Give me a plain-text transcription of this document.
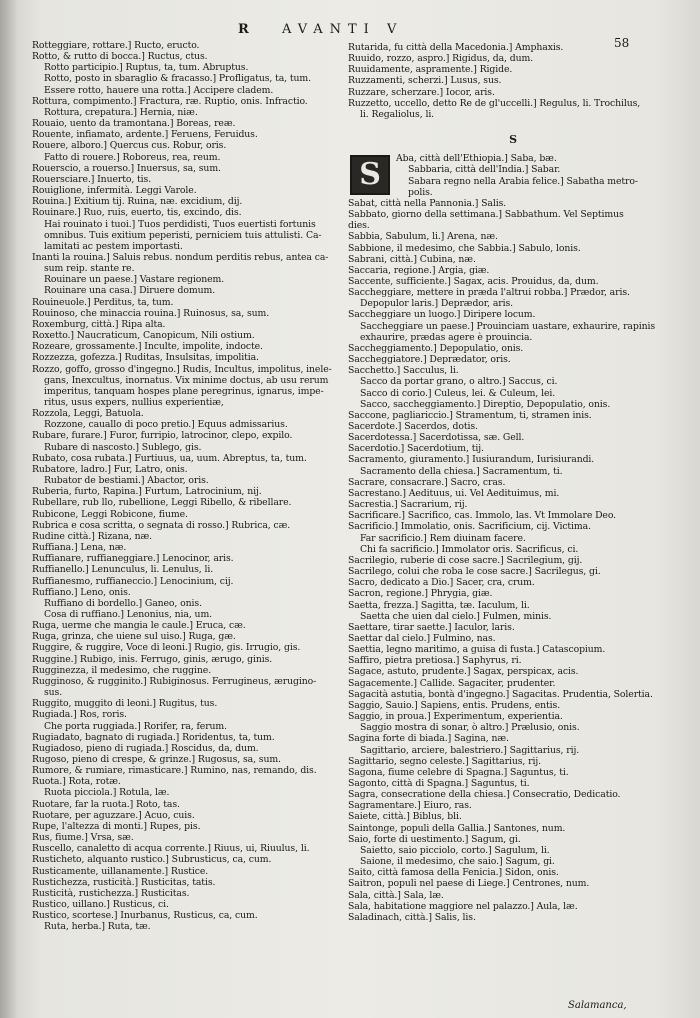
R	AVANTI V
58
Rotteggiare, rottare.] Ructo, eructo.
Rotto, & rutto di bocca.] Ructus, ctus.
Rotto participio.] Ruptus, ta, tum. Abruptus.
Rotto, posto in sbaraglio & fracasso.] Profligatus, ta, tum.
Essere rotto, hauere una rotta.] Accipere cladem.
Rottura, compimento.] Fractura, ræ. Ruptio, onis. Infractio.
Rottura, crepatura.] Hernia, niæ.
Rouaio, uento da tramontana.] Boreas, reæ.
Rouente, infiamato, ardente.] Feruens, Feruidus.
Rouere, alboro.] Quercus cus. Robur, oris.
Fatto di rouere.] Roboreus, rea, reum.
Rouerscio, a rouerso.] Inuersus, sa, sum.
Rouersciare.] Inuerto, tis.
Rouiglione, infermità. Leggi Varole.
Rouina.] Exitium tij. Ruina, næ. excidium, dij.
Rouinare.] Ruo, ruis, euerto, tis, excindo, dis.
Hai rouinato i tuoi.] Tuos perdidisti, Tuos euertisti fortunis
omnibus. Tuis exitium peperisti, perniciem tuis attulisti. Ca-
lamitati ac pestem importasti.
Inanti la rouina.] Saluis rebus. nondum perditis rebus, antea ca-
sum reip. stante re.
Rouinare un paese.] Vastare regionem.
Rouinare una casa.] Diruere domum.
Rouineuole.] Perditus, ta, tum.
Rouinoso, che minaccia rouina.] Ruinosus, sa, sum.
Roxemburg, città.] Ripa alta.
Roxetto.] Naucraticum, Canopicum, Nili ostium.
Rozeare, grossamente.] Inculte, impolite, indocte.
Rozzezza, gofezza.] Ruditas, Insulsitas, impolitia.
Rozzo, goffo, grosso d'ingegno.] Rudis, Incultus, impolitus, inele-
gans, Inexcultus, inornatus. Vix minime doctus, ab usu rerum
imperitus, tanquam hospes plane peregrinus, ignarus, impe-
ritus, usus expers, nullius experientiæ,
Rozzola, Leggi, Batuola.
Rozzone, cauallo di poco pretio.] Equus admissarius.
Rubare, furare.] Furor, furripio, latrocinor, clepo, expilo.
Rubare di nascosto.] Sublego, gis.
Rubato, cosa rubata.] Furtiuus, ua, uum. Abreptus, ta, tum.
Rubatore, ladro.] Fur, Latro, onis.
Rubator de bestiami.] Abactor, oris.
Ruberia, furto, Rapina.] Furtum, Latrocinium, nij.
Rubellare, rub llo, rubellione, Leggi Ribello, & ribellare.
Rubicone, Leggi Robicone, fiume.
Rubrica e cosa scritta, o segnata di rosso.] Rubrica, cæ.
Rudine città.] Rizana, næ.
Ruffiana.] Lena, næ.
Ruffianare, ruffianeggiare.] Lenocinor, aris.
Ruffianello.] Lenunculus, li. Lenulus, li.
Ruffianesmo, ruffianeccio.] Lenocinium, cij.
Ruffiano.] Leno, onis.
Ruffiano di bordello.] Ganeo, onis.
Cosa di ruffiano.] Lenonius, nia, um.
Ruga, uerme che mangia le caule.] Eruca, cæ.
Ruga, grinza, che uiene sul uiso.] Ruga, gæ.
Ruggire, & ruggire, Voce di leoni.] Rugio, gis. Irrugio, gis.
Ruggine.] Rubigo, inis. Ferrugo, ginis, ærugo, ginis.
Rugginezza, il medesimo, che ruggine.
Rugginoso, & rugginito.] Rubiginosus. Ferrugineus, ærugino-
sus.
Ruggito, muggito di leoni.] Rugitus, tus.
Rugiada.] Ros, roris.
Che porta ruggiada.] Rorifer, ra, ferum.
Rugiadato, bagnato di rugiada.] Roridentus, ta, tum.
Rugiadoso, pieno di rugiada.] Roscidus, da, dum.
Rugoso, pieno di crespe, & grinze.] Rugosus, sa, sum.
Rumore, & rumiarе, rimasticare.] Rumino, nas, remando, dis.
Ruota.] Rota, rotæ.
Ruota picciola.] Rotula, læ.
Ruotare, far la ruota.] Roto, tas.
Ruotare, per aguzzare.] Acuo, cuis.
Rupe, l'altezza di monti.] Rupes, pis.
Rus, fiume.] Vrsa, sæ.
Ruscello, canaletto di acqua corrente.] Riuus, ui, Riuulus, li.
Rusticheto, alquanto rustico.] Subrusticus, ca, cum.
Rusticamente, uillanamente.] Rustice.
Rustichezza, rusticità.] Rusticitas, tatis.
Rusticità, rustichezza.] Rusticitas.
Rustico, uillano.] Rusticus, ci.
Rustico, scortese.] Inurbanus, Rusticus, ca, cum.
Ruta, herba.] Ruta, tæ.
Rutarida, fu città della Macedonia.] Amphaxis.
Ruuido, rozzo, aspro.] Rigidus, da, dum.
Ruuidamente, aspramente.] Rigide.
Ruzzamenti, scherzi.] Lusus, sus.
Ruzzare, scherzare.] Iocor, aris.
Ruzzetto, uccello, detto Re de gl'uccelli.] Regulus, li. Trochilus,
li. Regaliolus, li.
S
S	Aba, città dell'Ethiopia.] Saba, bæ.
Sabbaria, città dell'India.] Sabar.
Sabara regno nella Arabia felice.] Sabatha metro-
polis.
Sabat, città nella Pannonia.] Salis.
Sabbato, giorno della settimana.] Sabbathum. Vel Septimus
dies.
Sabbia, Sabulum, li.] Arena, næ.
Sabbione, il medesimo, che Sabbia.] Sabulo, lonis.
Sabrani, città.] Cubina, næ.
Saccaria, regione.] Argia, giæ.
Saccente, sufficiente.] Sagax, acis. Prouidus, da, dum.
Saccheggiare, mettere in præda l'altrui robba.] Prædor, aris.
Depopulor laris.] Deprædor, aris.
Saccheggiare un luogo.] Diripere locum.
Saccheggiare un paese.] Prouinciam uastare, exhaurire, rapinis
exhaurire, prædas agere è prouincia.
Saccheggiamento.] Depopulatio, onis.
Saccheggiatore.] Deprædator, oris.
Sacchetto.] Sacculus, li.
Sacco da portar grano, o altro.] Saccus, ci.
Sacco di corio.] Culeus, lei. & Culeum, lei.
Sacco, saccheggiamento.] Direptio, Depopulatio, onis.
Saccone, pagliariccio.] Stramentum, ti, stramen inis.
Sacerdote.] Sacerdos, dotis.
Sacerdotessa.] Sacerdotissa, sæ. Gell.
Sacerdotio.] Sacerdotium, tij.
Sacramento, giuramento.] Iusiurandum, Iurisiurandi.
Sacramento della chiesa.] Sacramentum, ti.
Sacrare, consacrare.] Sacro, cras.
Sacrestano.] Aedituus, ui. Vel Aedituimus, mi.
Sacrestia.] Sacrarium, rij.
Sacrificare.] Sacrifico, cas. Immolo, las. Vt Immolare Deo.
Sacrificio.] Immolatio, onis. Sacrificium, cij. Victima.
Far sacrificio.] Rem diuinam facere.
Chi fa sacrificio.] Immolator oris. Sacrificus, ci.
Sacrilegio, ruberie di cose sacre.] Sacrilegium, gij.
Sacrilego, colui che roba le cose sacre.] Sacrilegus, gi.
Sacro, dedicato a Dio.] Sacer, cra, crum.
Sacron, regione.] Phrygia, giæ.
Saetta, frezza.] Sagitta, tæ. Iaculum, li.
Saetta che uien dal cielo.] Fulmen, minis.
Saettare, tirar saette.] Iaculor, laris.
Saettar dal cielo.] Fulmino, nas.
Saettia, legno maritimo, a guisa di fusta.] Catascopium.
Saffiro, pietra pretiosa.] Saphyrus, ri.
Sagace, astuto, prudente.] Sagax, perspicax, acis.
Sagacemente.] Callide. Sagaciter, prudenter.
Sagacità astutia, bontà d'ingegno.] Sagacitas. Prudentia, Solertia.
Saggio, Sauio.] Sapiens, entis. Prudens, entis.
Saggio, in proua.] Experimentum, experientia.
Saggio mostra di sonar, ò altro.] Prælusio, onis.
Sagina forte di biada.] Sagina, næ.
Sagittario, arciere, balestriero.] Sagittarius, rij.
Sagittario, segno celeste.] Sagittarius, rij.
Sagona, fiume celebre di Spagna.] Saguntus, ti.
Sagonto, città di Spagna.] Saguntus, ti.
Sagra, consecratione della chiesa.] Consecratio, Dedicatio.
Sagramentare.] Eiuro, ras.
Saiete, città.] Biblus, bli.
Saintonge, populi della Gallia.] Santones, num.
Saio, forte di uestimento.] Sagum, gi.
Saietto, saio picciolo, corto.] Sagulum, li.
Saione, il medesimo, che saio.] Sagum, gi.
Saito, città famosa della Fenicia.] Sidon, onis.
Saitron, populi nel paese di Liege.] Centrones, num.
Sala, città.] Sala, læ.
Sala, habitatione maggiore nel palazzo.] Aula, læ.
Saladinach, città.] Salis, lis.
Salamanca,
